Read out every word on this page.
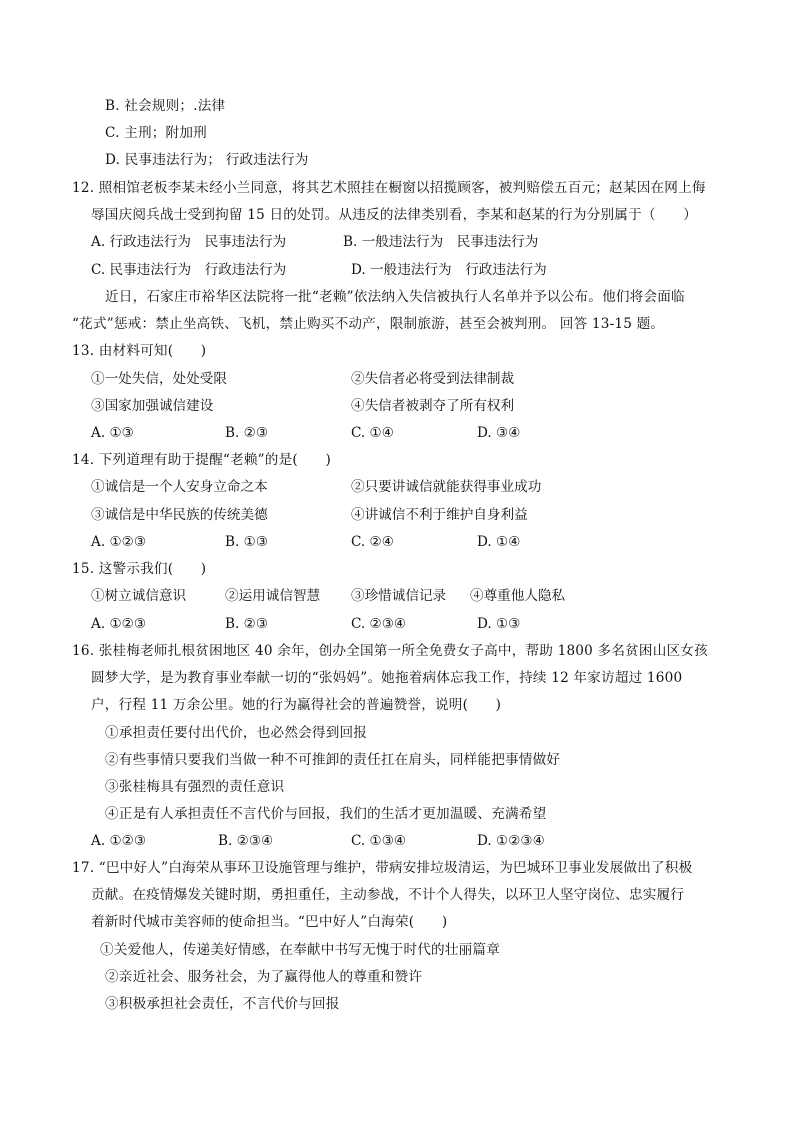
B. 社会规则；.法律
C. 主刑；附加刑
D. 民事违法行为； 行政违法行为
12. 照相馆老板李某未经小兰同意，将其艺术照挂在橱窗以招揽顾客，被判赔偿五百元；赵某因在网上侮
辱国庆阅兵战士受到拘留 15 日的处罚。从违反的法律类别看，李某和赵某的行为分别属于（　　）
A. 行政违法行为　民事违法行为	B. 一般违法行为　民事违法行为
C. 民事违法行为　行政违法行为	D. 一般违法行为　行政违法行为
近日，石家庄市裕华区法院将一批“老赖”依法纳入失信被执行人名单并予以公布。他们将会面临
“花式”惩戒：禁止坐高铁、飞机，禁止购买不动产，限制旅游，甚至会被判刑。 回答 13-15 题。
13. 由材料可知(　　)
①一处失信，处处受限	②失信者必将受到法律制裁
③国家加强诚信建设	④失信者被剥夺了所有权利
A. ①③	B. ②③	C. ①④	D. ③④
14. 下列道理有助于提醒“老赖”的是(　　)
①诚信是一个人安身立命之本	②只要讲诚信就能获得事业成功
③诚信是中华民族的传统美德	④讲诚信不利于维护自身利益
A. ①②③	B. ①③	C. ②④	D. ①④
15. 这警示我们(　　)
①树立诚信意识	②运用诚信智慧 ③珍惜诚信记录 ④尊重他人隐私
A. ①②③	B. ②③	C. ②③④	D. ①③
16. 张桂梅老师扎根贫困地区 40 余年，创办全国第一所全免费女子高中，帮助 1800 多名贫困山区女孩
圆梦大学，是为教育事业奉献一切的“张妈妈”。她拖着病体忘我工作，持续 12 年家访超过 1600
户，行程 11 万余公里。她的行为赢得社会的普遍赞誉，说明(　　)
①承担责任要付出代价，也必然会得到回报
②有些事情只要我们当做一种不可推卸的责任扛在肩头，同样能把事情做好
③张桂梅具有强烈的责任意识
④正是有人承担责任不言代价与回报，我们的生活才更加温暖、充满希望
A. ①②③	B. ②③④	C. ①③④	D. ①②③④
17. “巴中好人”白海荣从事环卫设施管理与维护，带病安排垃圾清运，为巴城环卫事业发展做出了积极
贡献。在疫情爆发关键时期，勇担重任，主动参战，不计个人得失，以环卫人坚守岗位、忠实履行
着新时代城市美容师的使命担当。“巴中好人”白海荣(　　)
①关爱他人，传递美好情感，在奉献中书写无愧于时代的壮丽篇章
②亲近社会、服务社会，为了赢得他人的尊重和赞许
③积极承担社会责任，不言代价与回报
